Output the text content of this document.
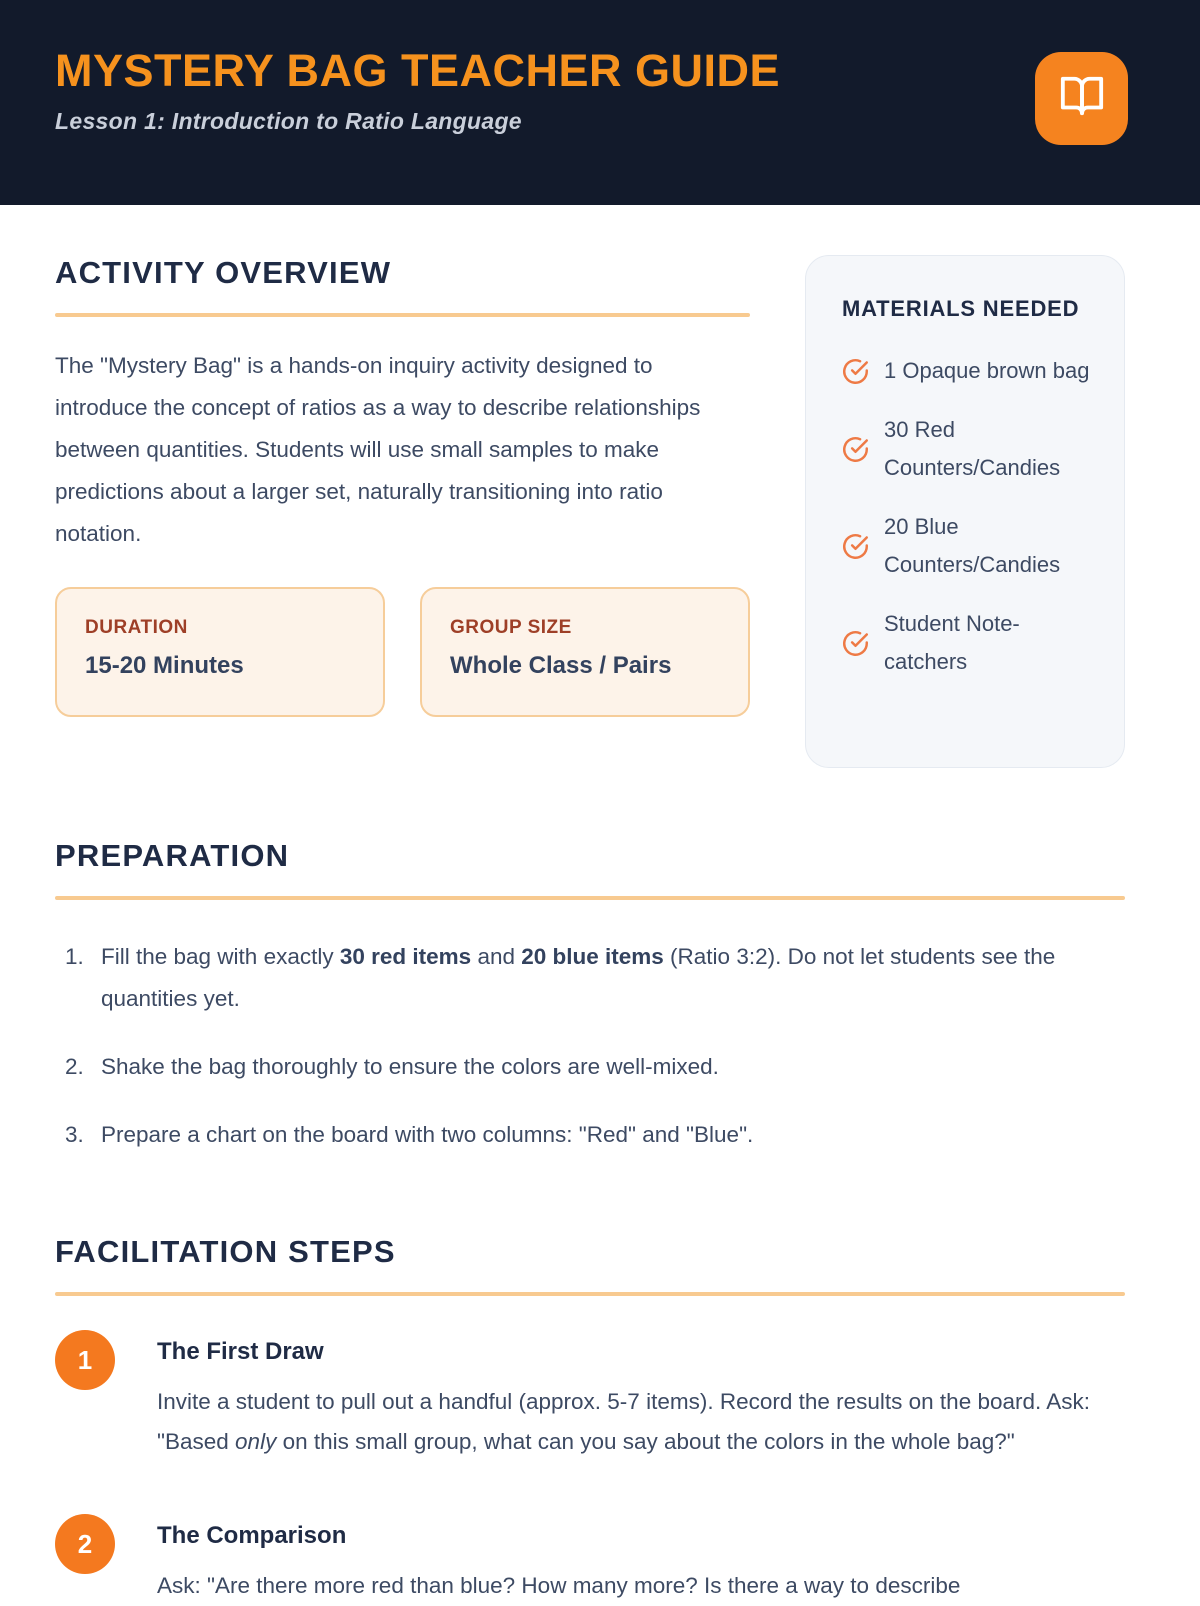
MYSTERY BAG TEACHER GUIDE

Lesson 1: Introduction to Ratio Language

ACTIVITY OVERVIEW

The "Mystery Bag" is a hands-on inquiry activity designed to introduce the concept of ratios as a way to describe relationships between quantities. Students will use small samples to make predictions about a larger set, naturally transitioning into ratio notation.

DURATION
15-20 Minutes
GROUP SIZE
Whole Class / Pairs
MATERIALS NEEDED
1 Opaque brown bag
30 Red Counters/Candies
20 Blue Counters/Candies
Student Note-catchers
PREPARATION
1. Fill the bag with exactly 30 red items and 20 blue items (Ratio 3:2). Do not let students see the quantities yet.
2. Shake the bag thoroughly to ensure the colors are well-mixed.
3. Prepare a chart on the board with two columns: "Red" and "Blue".
FACILITATION STEPS
1	The First Draw
Invite a student to pull out a handful (approx. 5-7 items). Record the results on the board. Ask: "Based only on this small group, what can you say about the colors in the whole bag?"
2	The Comparison
Ask: "Are there more red than blue? How many more? Is there a way to describe
